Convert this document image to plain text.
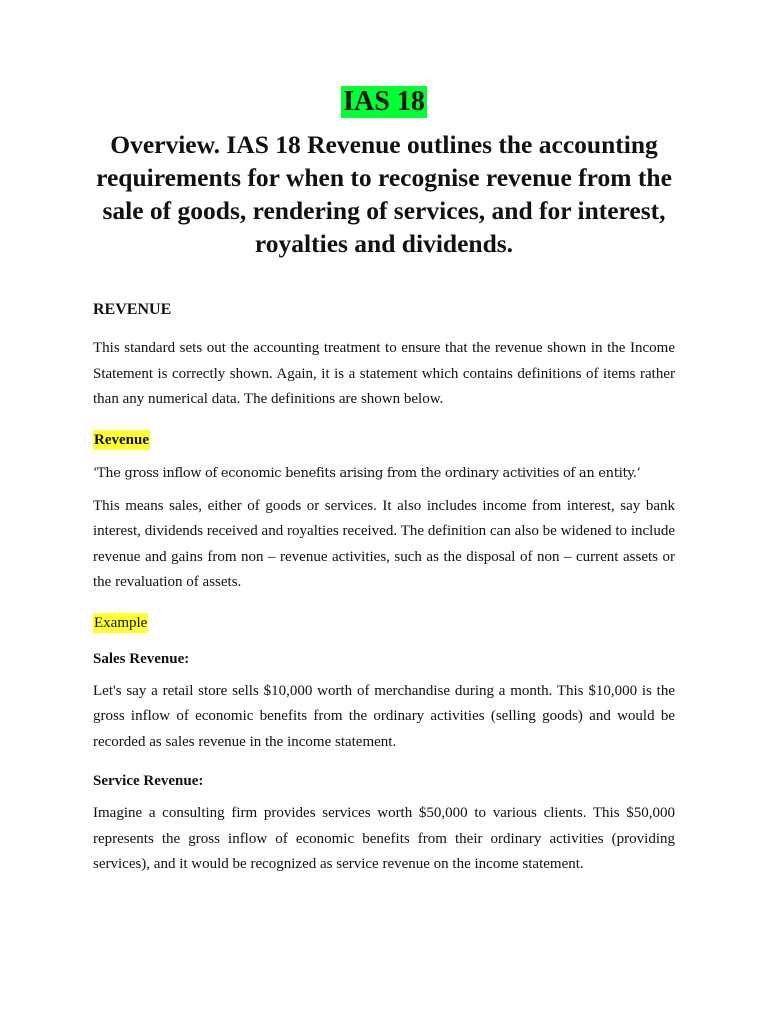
IAS 18

Overview. IAS 18 Revenue outlines the accounting requirements for when to recognise revenue from the sale of goods, rendering of services, and for interest, royalties and dividends.

REVENUE

This standard sets out the accounting treatment to ensure that the revenue shown in the Income Statement is correctly shown. Again, it is a statement which contains definitions of items rather than any numerical data. The definitions are shown below.

Revenue

‘The gross inflow of economic benefits arising from the ordinary activities of an entity.’

This means sales, either of goods or services. It also includes income from interest, say bank interest, dividends received and royalties received. The definition can also be widened to include revenue and gains from non – revenue activities, such as the disposal of non – current assets or the revaluation of assets.

Example

Sales Revenue:

Let's say a retail store sells $10,000 worth of merchandise during a month. This $10,000 is the gross inflow of economic benefits from the ordinary activities (selling goods) and would be recorded as sales revenue in the income statement.

Service Revenue:

Imagine a consulting firm provides services worth $50,000 to various clients. This $50,000 represents the gross inflow of economic benefits from their ordinary activities (providing services), and it would be recognized as service revenue on the income statement.
